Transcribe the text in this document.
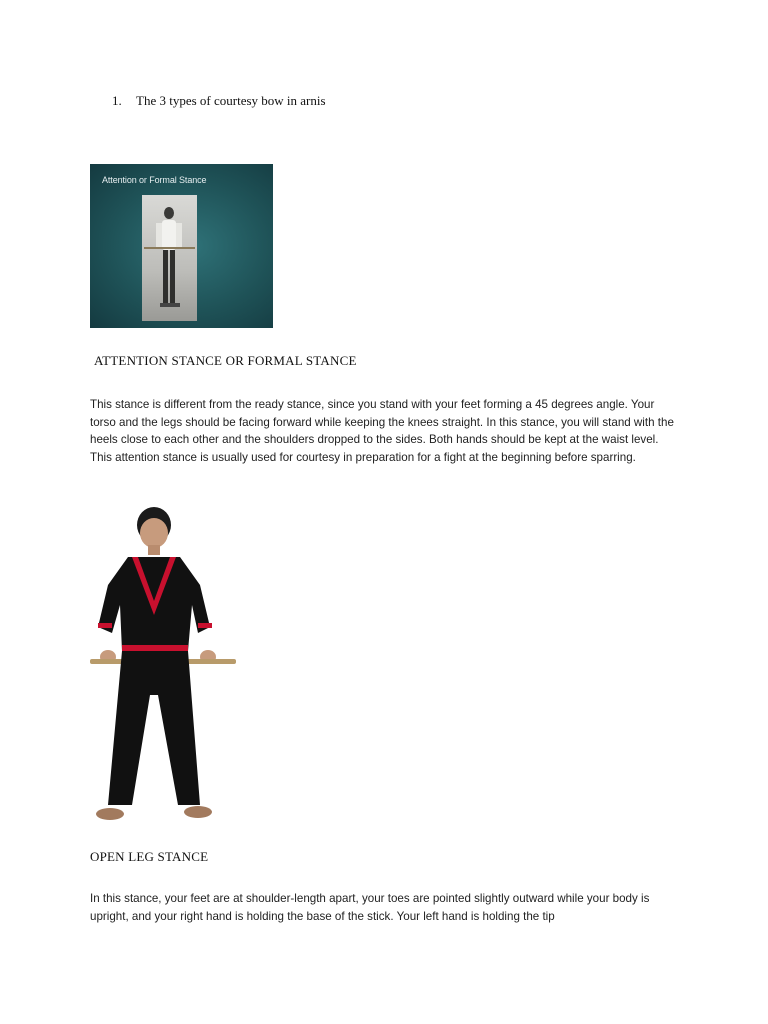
1. The 3 types of courtesy bow in arnis
Attention or Formal Stance
ATTENTION STANCE OR FORMAL STANCE
This stance is different from the ready stance, since you stand with your feet forming a 45 degrees angle. Your torso and the legs should be facing forward while keeping the knees straight. In this stance, you will stand with the heels close to each other and the shoulders dropped to the sides. Both hands should be kept at the waist level. This attention stance is usually used for courtesy in preparation for a fight at the beginning before sparring.
OPEN LEG STANCE
In this stance, your feet are at shoulder-length apart, your toes are pointed slightly outward while your body is upright, and your right hand is holding the base of the stick. Your left hand is holding the tip
